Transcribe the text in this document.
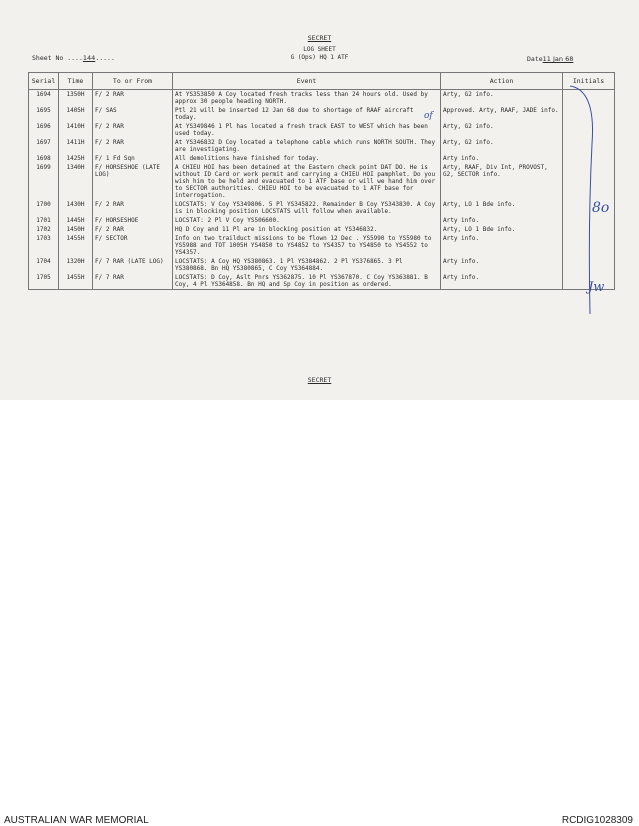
SECRET
LOG SHEET
G (Ops) HQ 1 ATF
Sheet No ....144.....	Date11 Jan 68
Serial	Time	To or From	Event	Action	Initials
1694	1350H	F/ 2 RAR	At YS353850 A Coy located fresh tracks less than 24 hours old. Used by approx 30 people heading NORTH.	Arty, G2 info.	
1695	1405H	F/ SAS	Ptl 21 will be inserted 12 Jan 68 due to shortage of RAAF aircraft today.	Approved. Arty, RAAF, JADE info.	
1696	1410H	F/ 2 RAR	At YS349846 1 Pl has located a fresh track EAST to WEST which has been used today.	Arty, G2 info.	
1697	1411H	F/ 2 RAR	At YS346832 D Coy located a telephone cable which runs NORTH SOUTH. They are investigating.	Arty, G2 info.	
1698	1425H	F/ 1 Fd Sqn	All demolitions have finished for today.	Arty info.	
1699	1340H	F/ HORSESHOE (LATE LOG)	A CHIEU HOI has been detained at the Eastern check point DAT DO. He is without ID Card or work permit and carrying a CHIEU HOI pamphlet. Do you wish him to be held and evacuated to 1 ATF base or will we hand him over to SECTOR authorities. CHIEU HOI to be evacuated to 1 ATF base for interrogation.	Arty, RAAF, Div Int, PROVOST, G2, SECTOR info.	
1700	1430H	F/ 2 RAR	LOCSTATS: V Coy YS349806. 5 Pl YS345822. Remainder B Coy YS343830. A Coy is in blocking position LOCSTATS will follow when available.	Arty, LO 1 Bde info.	
1701	1445H	F/ HORSESHOE	LOCSTAT: 2 Pl V Coy YS506600.	Arty info.	
1702	1450H	F/ 2 RAR	HQ D Coy and 11 Pl are in blocking position at YS346832.	Arty, LO 1 Bde info.	
1703	1455H	F/ SECTOR	Info on two trailduct missions to be flown 12 Dec . YS5990 to YS5980 to YS5988 and TOT 1005H YS4850 to YS4852 to YS4357 to YS4850 to YS4552 to YS4357.	Arty info.	
1704	1320H	F/ 7 RAR (LATE LOG)	LOCSTATS: A Coy HQ YS380863. 1 Pl YS384862. 2 Pl YS376865. 3 Pl YS380868. Bn HQ YS380865, C Coy YS364884.	Arty info.	
1705	1455H	F/ 7 RAR	LOCSTATS: D Coy, Aslt Pnrs YS362875. 10 Pl YS367870. C Coy YS363881. B Coy, 4 Pl YS364858. Bn HQ and Sp Coy in position as ordered.	Arty info.	
of
8o
Jw
SECRET
AUSTRALIAN WAR MEMORIAL	RCDIG1028309
